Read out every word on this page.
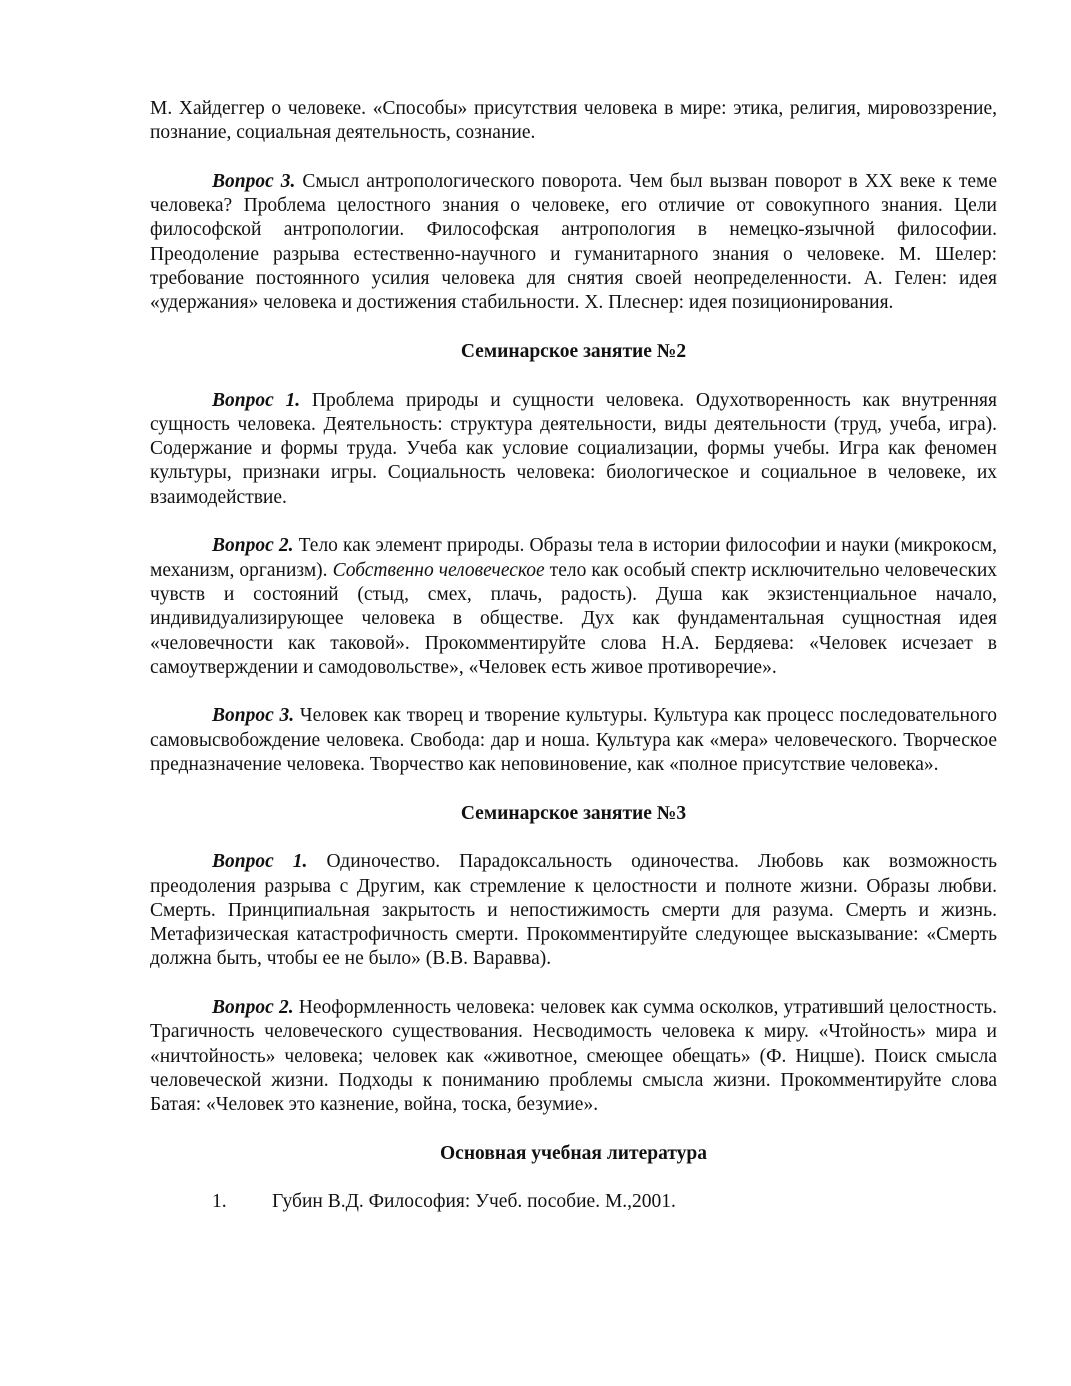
М. Хайдеггер о человеке. «Способы» присутствия человека в мире: этика, религия, мировоззрение, познание, социальная деятельность, сознание.

Вопрос 3. Смысл антропологического поворота. Чем был вызван поворот в XX веке к теме человека? Проблема целостного знания о человеке, его отличие от совокупного знания. Цели философской антропологии. Философская антропология в немецко-язычной философии. Преодоление разрыва естественно-научного и гуманитарного знания о человеке. М. Шелер: требование постоянного усилия человека для снятия своей неопределенности. А. Гелен: идея «удержания» человека и достижения стабильности. Х. Плеснер: идея позиционирования.

Семинарское занятие №2

Вопрос 1. Проблема природы и сущности человека. Одухотворенность как внутренняя сущность человека. Деятельность: структура деятельности, виды деятельности (труд, учеба, игра). Содержание и формы труда. Учеба как условие социализации, формы учебы. Игра как феномен культуры, признаки игры. Социальность человека: биологическое и социальное в человеке, их взаимодействие.

Вопрос 2. Тело как элемент природы. Образы тела в истории философии и науки (микрокосм, механизм, организм). Собственно человеческое тело как особый спектр исключительно человеческих чувств и состояний (стыд, смех, плачь, радость). Душа как экзистенциальное начало, индивидуализирующее человека в обществе. Дух как фундаментальная сущностная идея «человечности как таковой». Прокомментируйте слова Н.А. Бердяева: «Человек исчезает в самоутверждении и самодовольстве», «Человек есть живое противоречие».

Вопрос 3. Человек как творец и творение культуры. Культура как процесс последовательного самовысвобождение человека. Свобода: дар и ноша. Культура как «мера» человеческого. Творческое предназначение человека. Творчество как неповиновение, как «полное присутствие человека».

Семинарское занятие №3

Вопрос 1. Одиночество. Парадоксальность одиночества. Любовь как возможность преодоления разрыва с Другим, как стремление к целостности и полноте жизни. Образы любви. Смерть. Принципиальная закрытость и непостижимость смерти для разума. Смерть и жизнь. Метафизическая катастрофичность смерти. Прокомментируйте следующее высказывание: «Смерть должна быть, чтобы ее не было» (В.В. Варавва).

Вопрос 2. Неоформленность человека: человек как сумма осколков, утративший целостность. Трагичность человеческого существования. Несводимость человека к миру. «Чтойность» мира и «ничтойность» человека; человек как «животное, смеющее обещать» (Ф. Ницше). Поиск смысла человеческой жизни. Подходы к пониманию проблемы смысла жизни. Прокомментируйте слова Батая: «Человек это казнение, война, тоска, безумие».

Основная учебная литература

1. Губин В.Д. Философия: Учеб. пособие. М.,2001.
